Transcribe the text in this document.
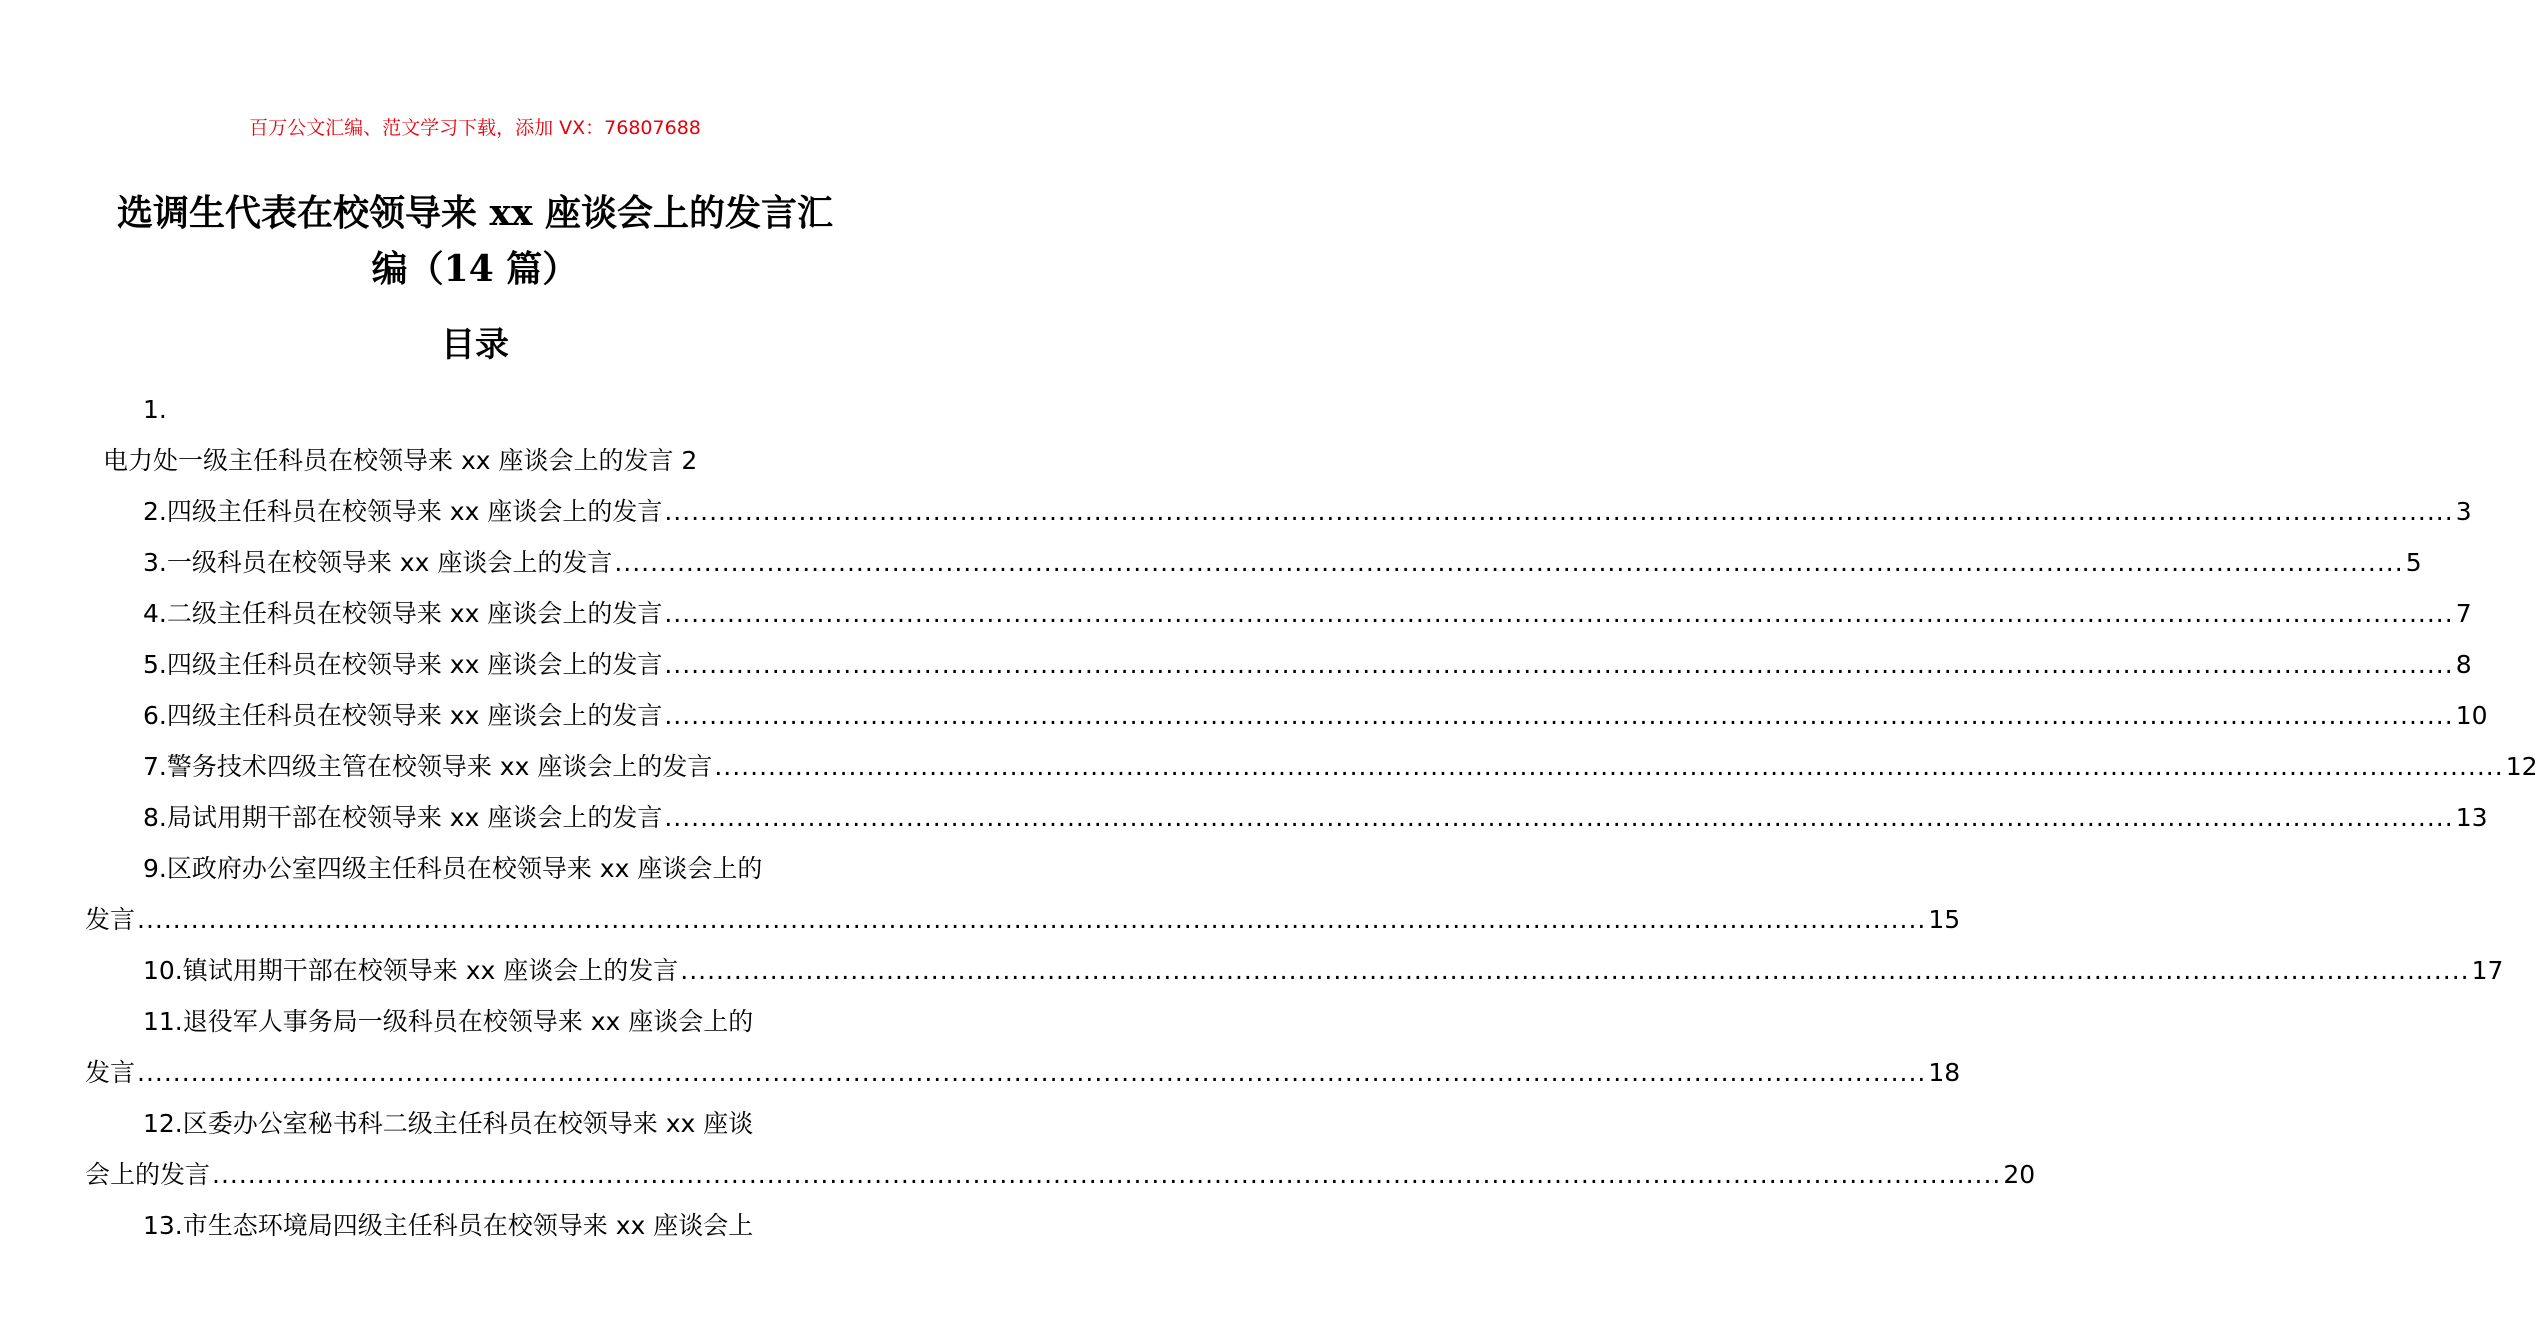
百万公文汇编、范文学习下载，添加 VX：76807688
选调生代表在校领导来 xx 座谈会上的发言汇
编（14 篇）
目录
1.
电力处一级主任科员在校领导来 xx 座谈会上的发言 2
2.四级主任科员在校领导来 xx 座谈会上的发言 ........................................................................................................................................................................................................ 3
3.一级科员在校领导来 xx 座谈会上的发言 ........................................................................................................................................................................................................ 5
4.二级主任科员在校领导来 xx 座谈会上的发言 ........................................................................................................................................................................................................ 7
5.四级主任科员在校领导来 xx 座谈会上的发言 ........................................................................................................................................................................................................ 8
6.四级主任科员在校领导来 xx 座谈会上的发言 ........................................................................................................................................................................................................ 10
7.警务技术四级主管在校领导来 xx 座谈会上的发言 ........................................................................................................................................................................................................ 12
8.局试用期干部在校领导来 xx 座谈会上的发言 ........................................................................................................................................................................................................ 13
9.区政府办公室四级主任科员在校领导来 xx 座谈会上的
发言 ........................................................................................................................................................................................................ 15
10.镇试用期干部在校领导来 xx 座谈会上的发言 ........................................................................................................................................................................................................ 17
11.退役军人事务局一级科员在校领导来 xx 座谈会上的
发言 ........................................................................................................................................................................................................ 18
12.区委办公室秘书科二级主任科员在校领导来 xx 座谈
会上的发言 ........................................................................................................................................................................................................ 20
13.市生态环境局四级主任科员在校领导来 xx 座谈会上
